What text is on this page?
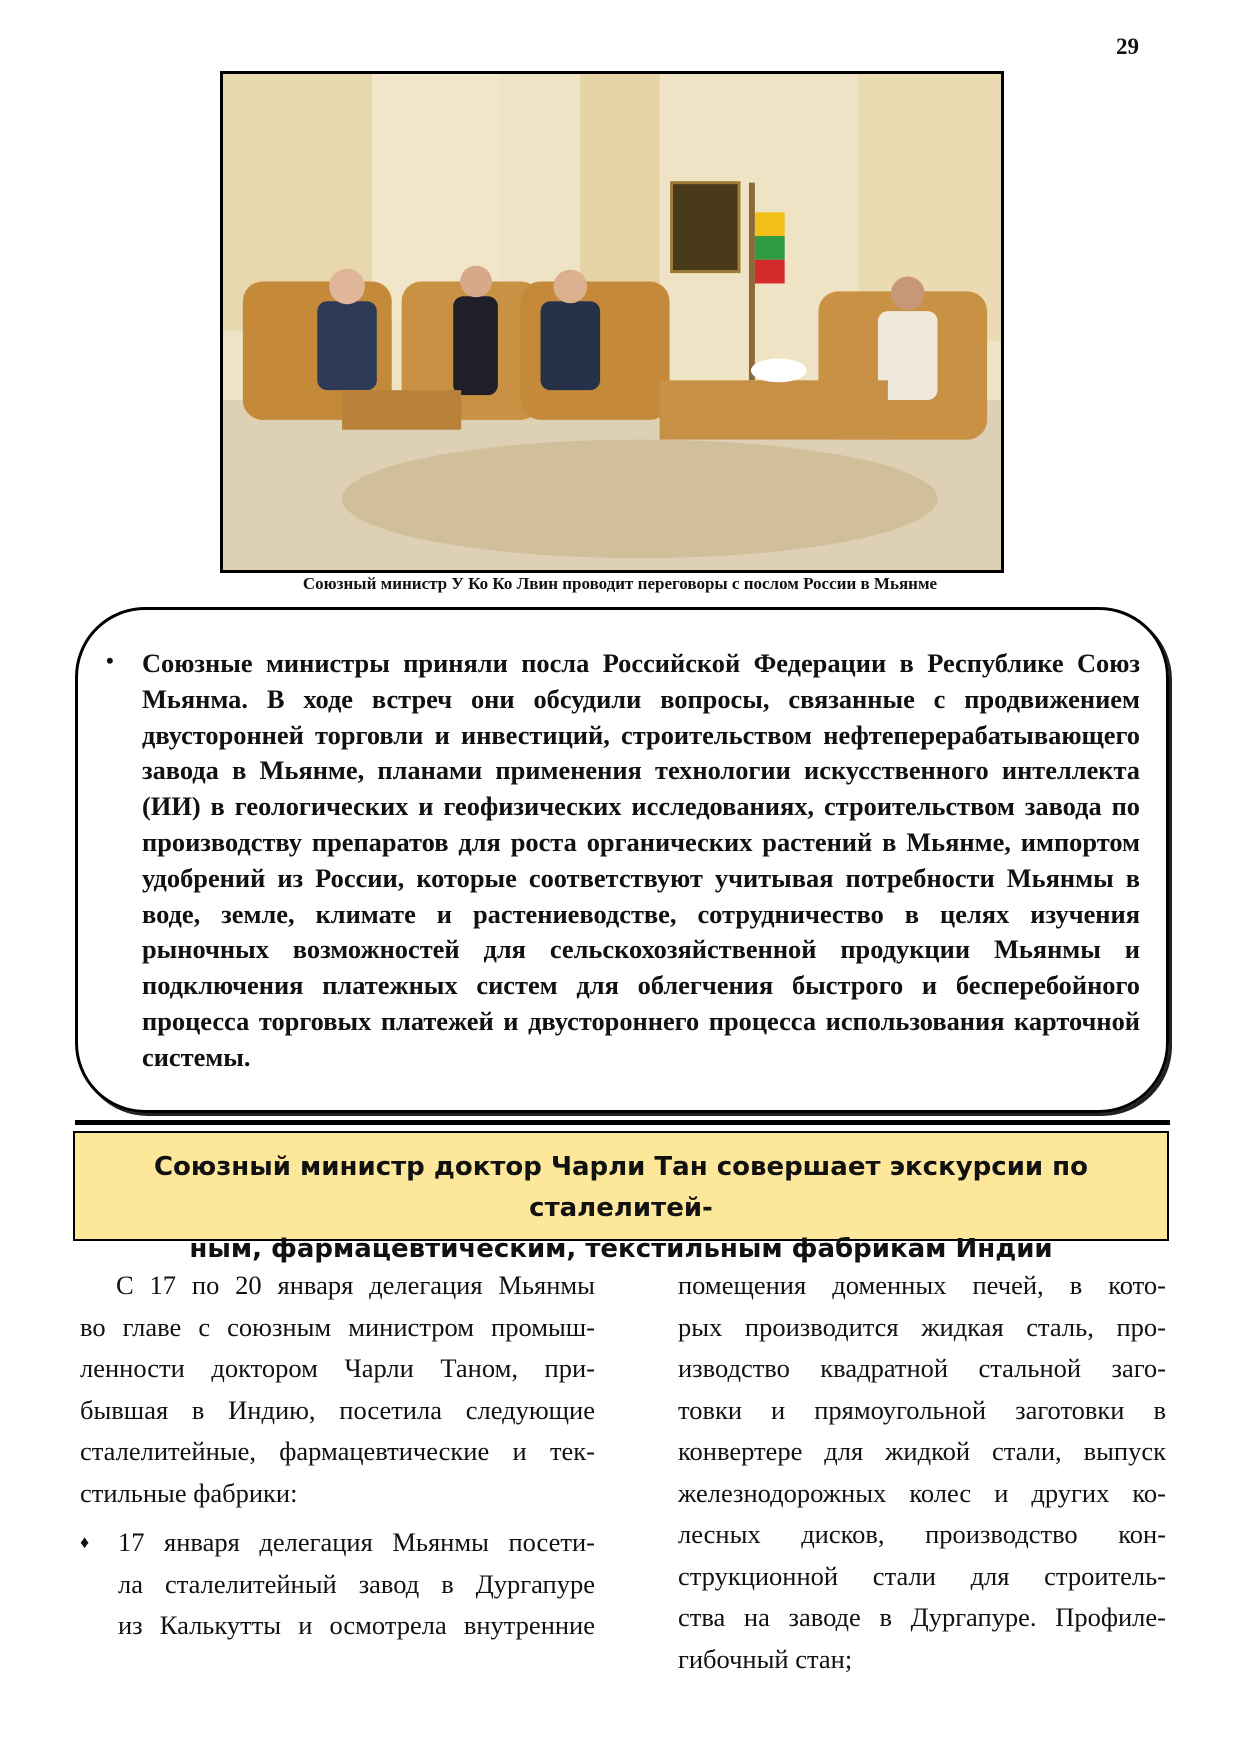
29
Союзный министр У Ко Ко Лвин проводит переговоры с послом России в Мьянме
• Союзные министры приняли посла Российской Федерации в Республике Союз Мьянма. В ходе встреч они обсудили вопросы, связанные с продвижением двусторонней торговли и инвестиций, строительством нефтеперерабатывающего завода в Мьянме, планами применения технологии искусственного интеллекта (ИИ) в геологических и геофизических исследованиях, строительством завода по производству препаратов для роста органических растений в Мьянме, импортом удобрений из России, которые соответствуют учитывая потребности Мьянмы в воде, земле, климате и растениеводстве, сотрудничество в целях изучения рыночных возможностей для сельскохозяйственной продукции Мьянмы и подключения платежных систем для облегчения быстрого и бесперебойного процесса торговых платежей и двустороннего процесса использования карточной системы.
Союзный министр доктор Чарли Тан совершает экскурсии по сталелитей-
ным, фармацевтическим, текстильным фабрикам Индии
С 17 по 20 января делегация Мьянмы
во главе с союзным министром промыш-
ленности доктором Чарли Таном, при-
бывшая в Индию, посетила следующие
сталелитейные, фармацевтические и тек-
стильные фабрики:
♦ 17 января делегация Мьянмы посети-
ла сталелитейный завод в Дургапуре
из Калькутты и осмотрела внутренние
помещения доменных печей, в кото-
рых производится жидкая сталь, про-
изводство квадратной стальной заго-
товки и прямоугольной заготовки в
конвертере для жидкой стали, выпуск
железнодорожных колес и других ко-
лесных дисков, производство кон-
струкционной стали для строитель-
ства на заводе в Дургапуре. Профиле-
гибочный стан;
